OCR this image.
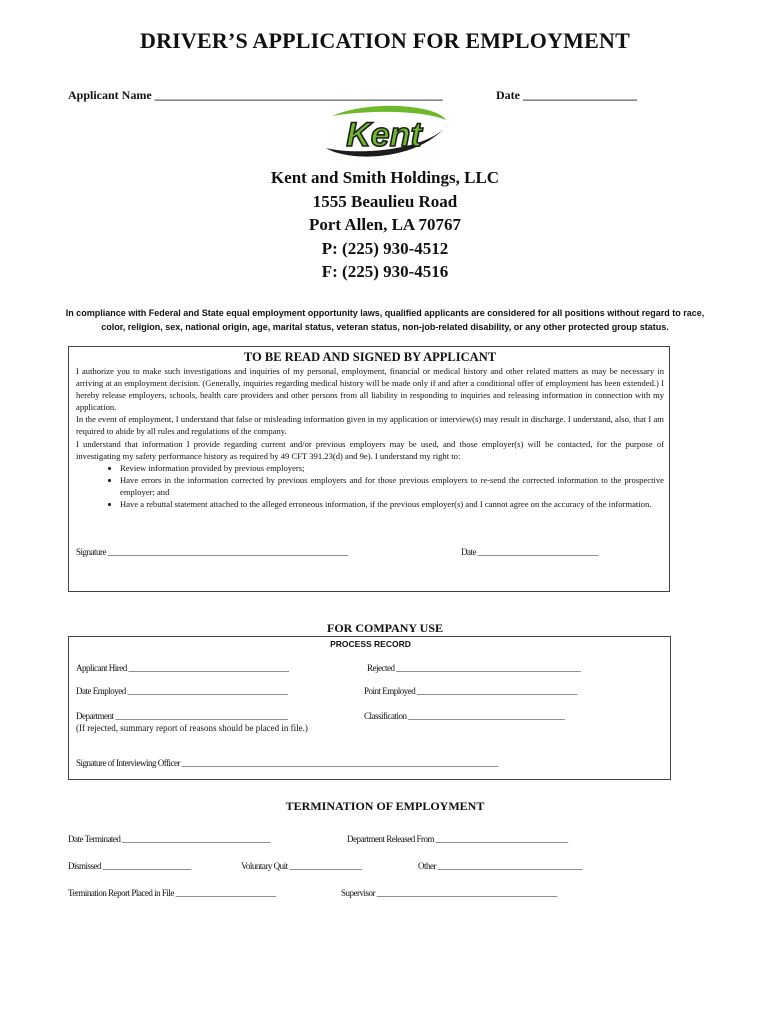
DRIVER’S APPLICATION FOR EMPLOYMENT
Applicant Name ________________________________________________	Date ___________________
Kent
Kent and Smith Holdings, LLC
1555 Beaulieu Road
Port Allen, LA 70767
P: (225) 930-4512
F: (225) 930-4516
In compliance with Federal and State equal employment opportunity laws, qualified applicants are considered for all positions without regard to race, color, religion, sex, national origin, age, marital status, veteran status, non-job-related disability, or any other protected group status.
TO BE READ AND SIGNED BY APPLICANT

I authorize you to make such investigations and inquiries of my personal, employment, financial or medical history and other related matters as may be necessary in arriving at an employment decision. (Generally, inquiries regarding medical history will be made only if and after a conditional offer of employment has been extended.) I hereby release employers, schools, health care providers and other persons from all liability in responding to inquiries and releasing information in connection with my application.

In the event of employment, I understand that false or misleading information given in my application or interview(s) may result in discharge. I understand, also, that I am required to abide by all rules and regulations of the company.

I understand that information I provide regarding current and/or previous employers may be used, and those employer(s) will be contacted, for the purpose of investigating my safety performance history as required by 49 CFT 391.23(d) and 9e). I understand my right to:

• Review information provided by previous employers;
• Have errors in the information corrected by previous employers and for those previous employers to re-send the corrected information to the prospective employer; and
• Have a rebuttal statement attached to the alleged erroneous information, if the previous employer(s) and I cannot agree on the accuracy of the information.
Signature ____________________________________________________________	Date ______________________________
FOR COMPANY USE
PROCESS RECORD
Applicant Hired ________________________________________	Rejected ______________________________________________
Date Employed ________________________________________	Point Employed ________________________________________
Department ___________________________________________	Classification _______________________________________
(If rejected, summary report of reasons should be placed in file.)
Signature of Interviewing Officer _______________________________________________________________________________
TERMINATION OF EMPLOYMENT
Date Terminated _____________________________________	Department Released From _________________________________
Dismissed ______________________	Voluntary Quit __________________	Other ____________________________________
Termination Report Placed in File _________________________	Supervisor _____________________________________________
